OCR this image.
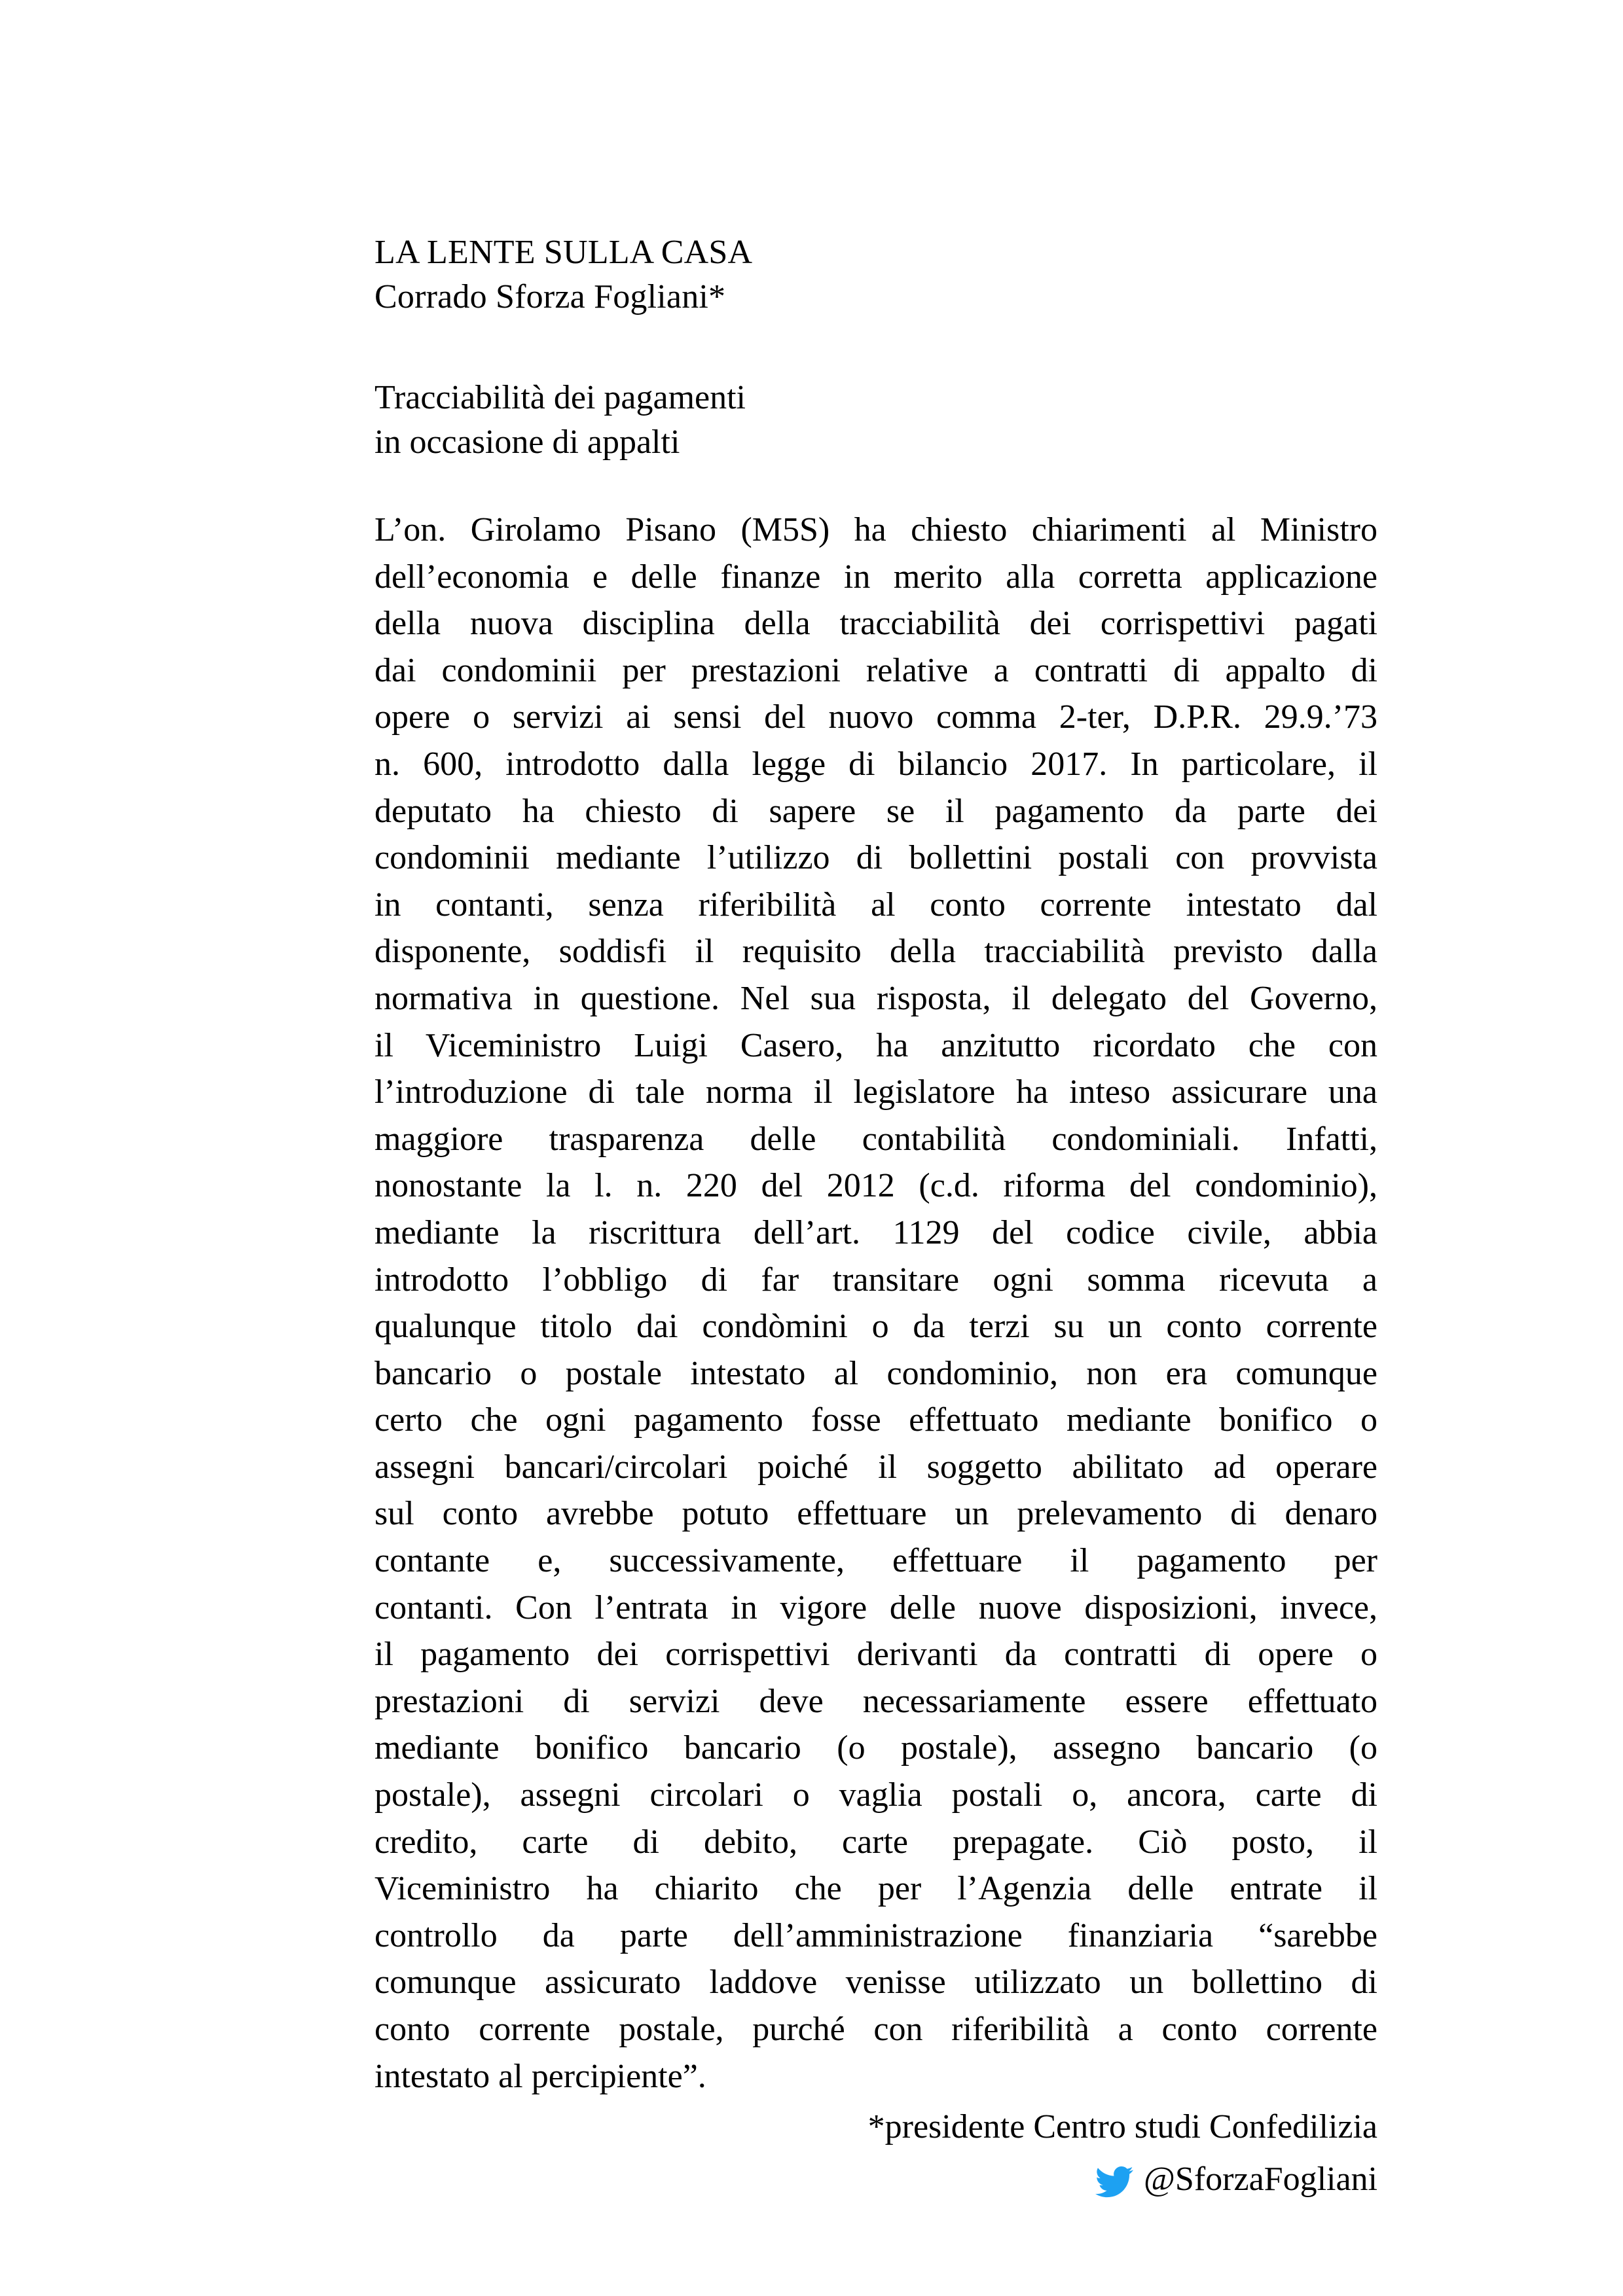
LA LENTE SULLA CASA
Corrado Sforza Fogliani*
Tracciabilità dei pagamenti
in occasione di appalti
L’on. Girolamo Pisano (M5S) ha chiesto chiarimenti al Ministro
dell’economia e delle finanze in merito alla corretta applicazione
della nuova disciplina della tracciabilità dei corrispettivi pagati
dai condominii per prestazioni relative a contratti di appalto di
opere o servizi ai sensi del nuovo comma 2-ter, D.P.R. 29.9.’73
n. 600, introdotto dalla legge di bilancio 2017. In particolare, il
deputato ha chiesto di sapere se il pagamento da parte dei
condominii mediante l’utilizzo di bollettini postali con provvista
in contanti, senza riferibilità al conto corrente intestato dal
disponente, soddisfi il requisito della tracciabilità previsto dalla
normativa in questione. Nel sua risposta, il delegato del Governo,
il Viceministro Luigi Casero, ha anzitutto ricordato che con
l’introduzione di tale norma il legislatore ha inteso assicurare una
maggiore trasparenza delle contabilità condominiali. Infatti,
nonostante la l. n. 220 del 2012 (c.d. riforma del condominio),
mediante la riscrittura dell’art. 1129 del codice civile, abbia
introdotto l’obbligo di far transitare ogni somma ricevuta a
qualunque titolo dai condòmini o da terzi su un conto corrente
bancario o postale intestato al condominio, non era comunque
certo che ogni pagamento fosse effettuato mediante bonifico o
assegni bancari/circolari poiché il soggetto abilitato ad operare
sul conto avrebbe potuto effettuare un prelevamento di denaro
contante e, successivamente, effettuare il pagamento per
contanti. Con l’entrata in vigore delle nuove disposizioni, invece,
il pagamento dei corrispettivi derivanti da contratti di opere o
prestazioni di servizi deve necessariamente essere effettuato
mediante bonifico bancario (o postale), assegno bancario (o
postale), assegni circolari o vaglia postali o, ancora, carte di
credito, carte di debito, carte prepagate. Ciò posto, il
Viceministro ha chiarito che per l’Agenzia delle entrate il
controllo da parte dell’amministrazione finanziaria “sarebbe
comunque assicurato laddove venisse utilizzato un bollettino di
conto corrente postale, purché con riferibilità a conto corrente
intestato al percipiente”.
*presidente Centro studi Confedilizia
@SforzaFogliani
